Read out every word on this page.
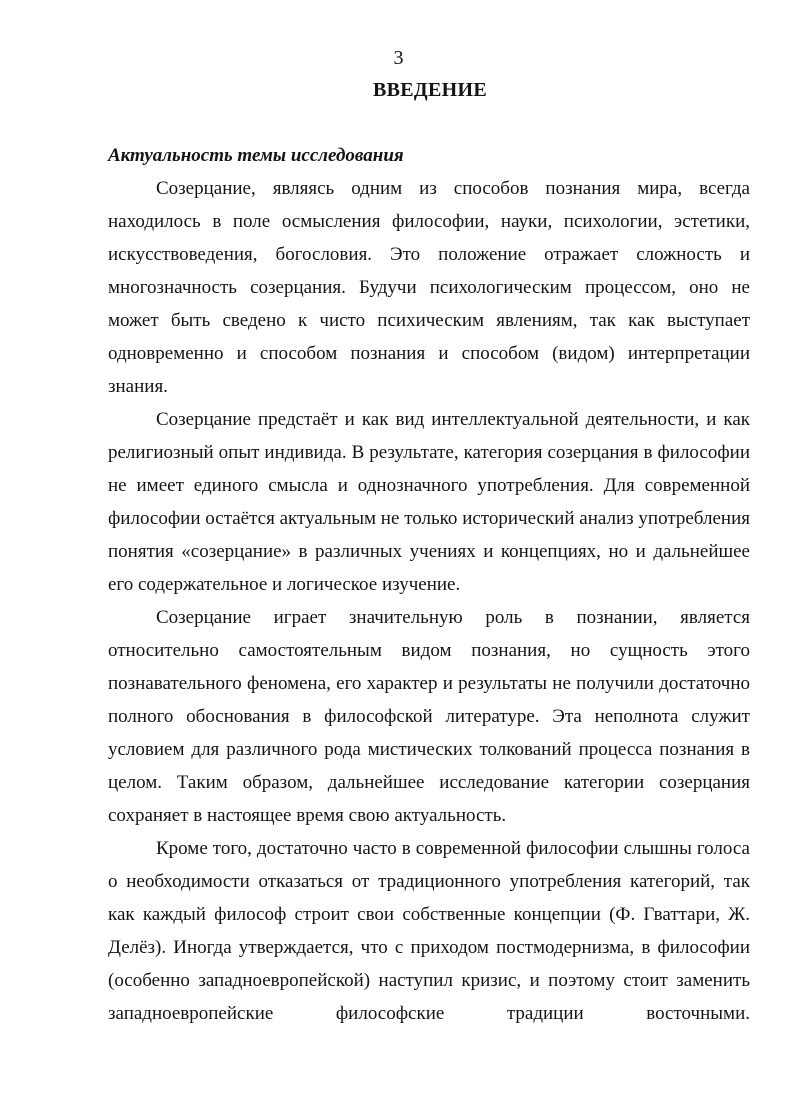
3
ВВЕДЕНИЕ
Актуальность темы исследования

Созерцание, являясь одним из способов познания мира, всегда находилось в поле осмысления философии, науки, психологии, эстетики, искусствоведения, богословия. Это положение отражает сложность и многозначность созерцания. Будучи психологическим процессом, оно не может быть сведено к чисто психическим явлениям, так как выступает одновременно и способом познания и способом (видом) интерпретации знания.

Созерцание предстаёт и как вид интеллектуальной деятельности, и как религиозный опыт индивида. В результате, категория созерцания в философии не имеет единого смысла и однозначного употребления. Для современной философии остаётся актуальным не только исторический анализ употребления понятия «созерцание» в различных учениях и концепциях, но и дальнейшее его содержательное и логическое изучение.

Созерцание играет значительную роль в познании, является относительно самостоятельным видом познания, но сущность этого познавательного феномена, его характер и результаты не получили достаточно полного обоснования в философской литературе. Эта неполнота служит условием для различного рода мистических толкований процесса познания в целом. Таким образом, дальнейшее исследование категории созерцания сохраняет в настоящее время свою актуальность.

Кроме того, достаточно часто в современной философии слышны голоса о необходимости отказаться от традиционного употребления категорий, так как каждый философ строит свои собственные концепции (Ф. Гваттари, Ж. Делёз). Иногда утверждается, что с приходом постмодернизма, в философии (особенно западноевропейской) наступил кризис, и поэтому стоит заменить западноевропейские философские традиции восточными.
